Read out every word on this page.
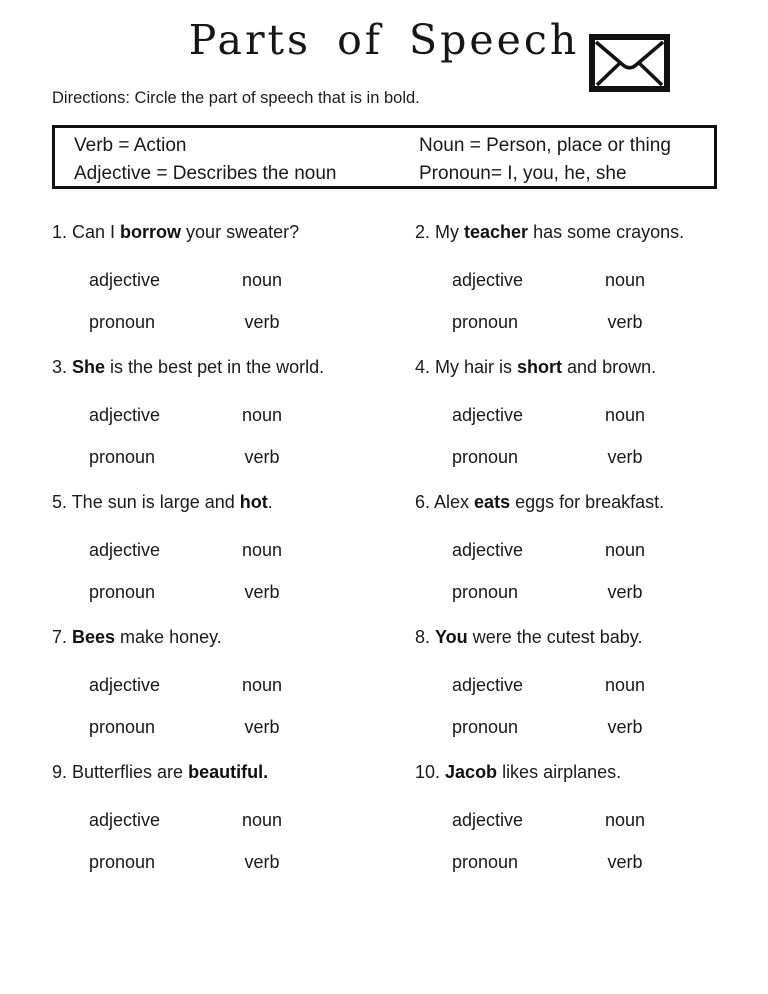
Parts of Speech
Directions: Circle the part of speech that is in bold.
Verb = Action
Adjective = Describes the noun
Noun = Person, place or thing
Pronoun= I, you, he, she

1. Can I borrow your sweater?

adjective	noun
pronoun	verb

2. My teacher has some crayons.

adjective	noun
pronoun	verb

3. She is the best pet in the world.

adjective	noun
pronoun	verb

4. My hair is short and brown.

adjective	noun
pronoun	verb

5. The sun is large and hot.

adjective	noun
pronoun	verb

6. Alex eats eggs for breakfast.

adjective	noun
pronoun	verb

7. Bees make honey.

adjective	noun
pronoun	verb

8. You were the cutest baby.

adjective	noun
pronoun	verb

9. Butterflies are beautiful.

adjective	noun
pronoun	verb

10. Jacob likes airplanes.

adjective	noun
pronoun	verb
